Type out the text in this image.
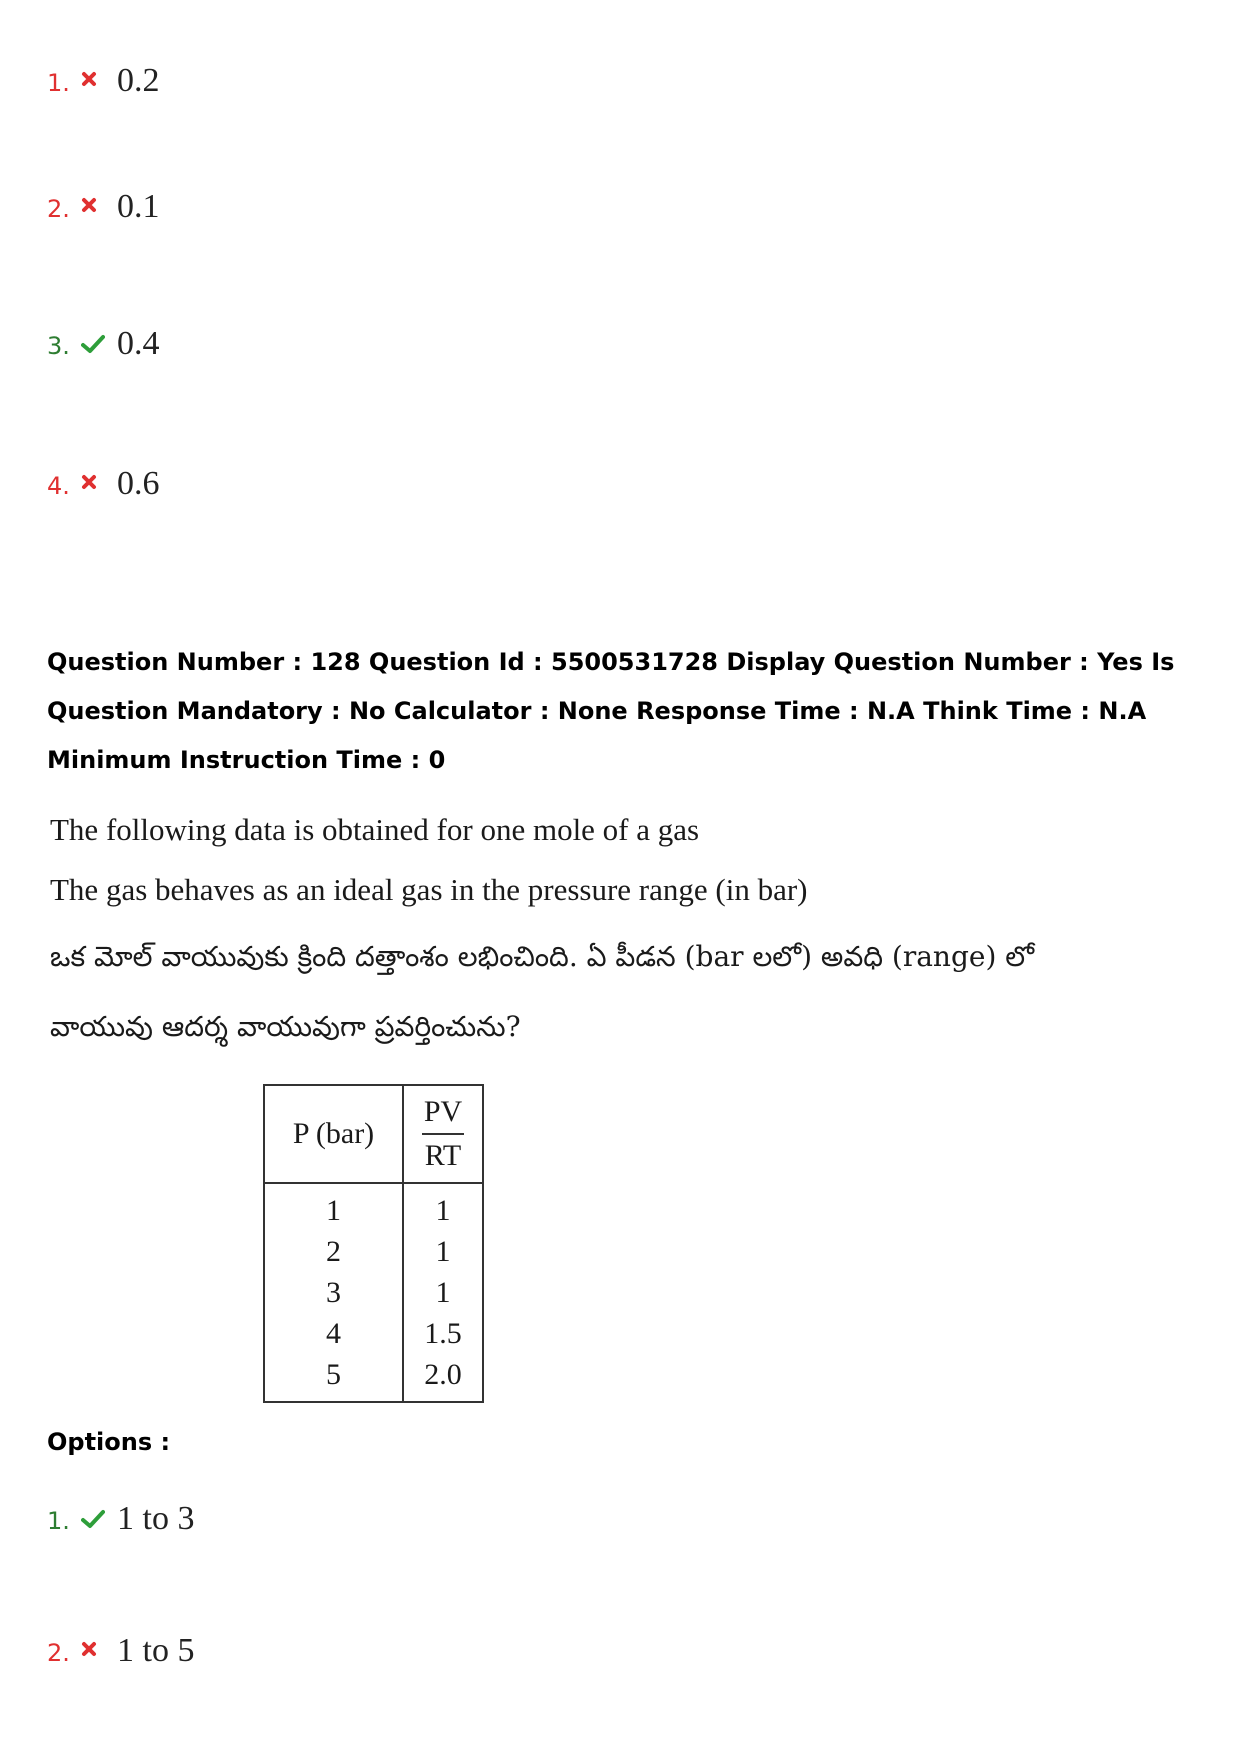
1.	0.2
2.	0.1
3.	0.4
4.	0.6
Question Number : 128 Question Id : 5500531728 Display Question Number : Yes Is Question Mandatory : No Calculator : None Response Time : N.A Think Time : N.A Minimum Instruction Time : 0
The following data is obtained for one mole of a gas
The gas behaves as an ideal gas in the pressure range (in bar)
ఒక మోల్ వాయువుకు క్రింది దత్తాంశం లభించింది. ఏ పీడన (bar లలో) అవధి (range) లో
వాయువు ఆదర్శ వాయువుగా ప్రవర్తించును?
P (bar)	$\frac{PV}{RT}$

1	1
2	1
3	1
4	1.5
5	2.0
Options :
1.	1 to 3
2.	1 to 5
